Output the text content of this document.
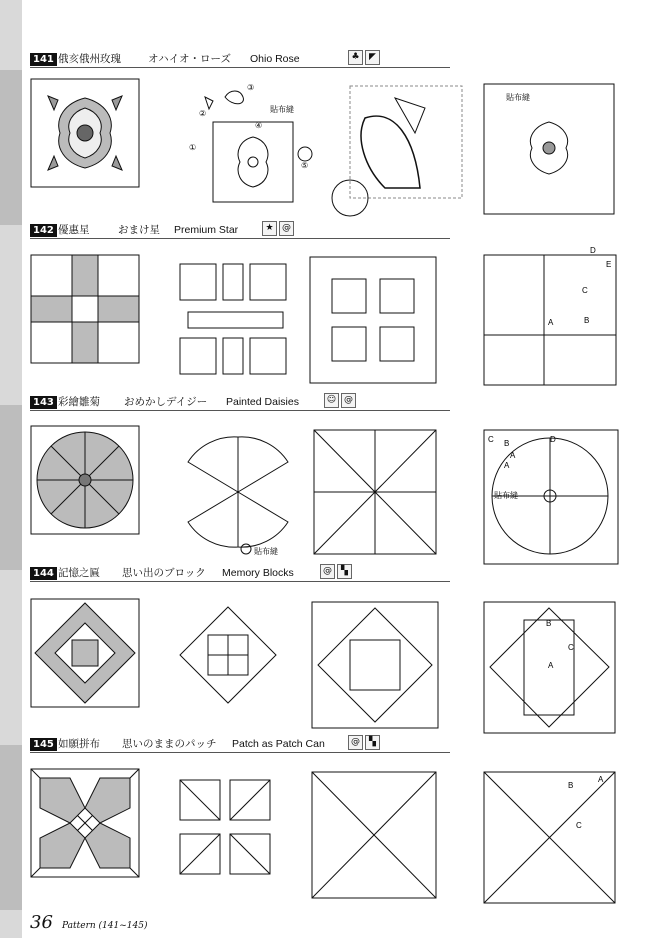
141 俄亥俄州玫瑰	オハイオ・ローズ Ohio Rose	♣ ◤
142 優惠星	おまけ星 Premium Star	★ @
143 彩繪雛菊 おめかしデイジー Painted Daisies	☺ @
144 記憶之匾 思い出のブロック Memory Blocks	@ ▚
145 如願拼布 思いのままのパッチ Patch as Patch Can	@ ▚
貼布縫
②
③
④
⑤
①
貼布縫
D
E
C
A	B
貼布縫
C B
A
A
D
貼布縫
B
C
A
B
A
C
36 Pattern (141~145)
